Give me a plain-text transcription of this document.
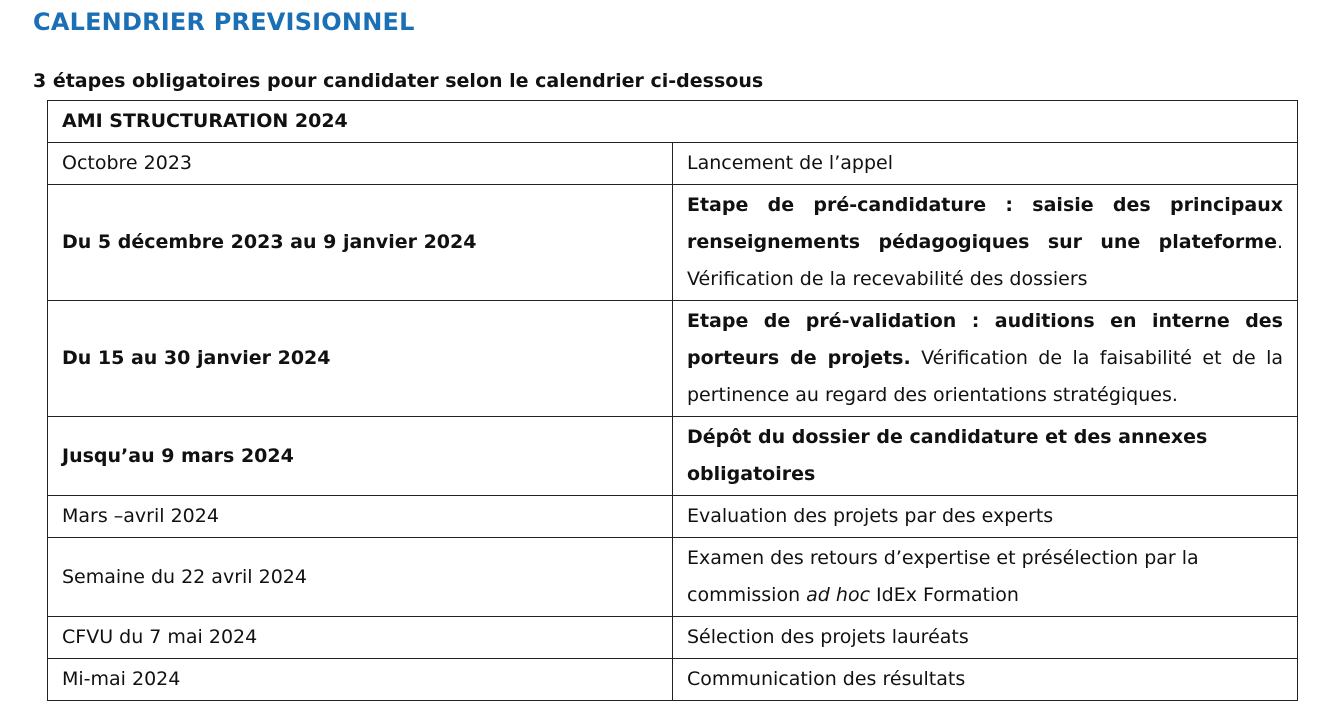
CALENDRIER PREVISIONNEL
3 étapes obligatoires pour candidater selon le calendrier ci-dessous
AMI STRUCTURATION 2024	
Octobre 2023	Lancement de l’appel
Du 5 décembre 2023 au 9 janvier 2024	Etape de pré-candidature : saisie des principaux renseignements pédagogiques sur une plateforme. Vérification de la recevabilité des dossiers
Du 15 au 30 janvier 2024	Etape de pré-validation : auditions en interne des porteurs de projets. Vérification de la faisabilité et de la pertinence au regard des orientations stratégiques.
Jusqu’au 9 mars 2024	Dépôt du dossier de candidature et des annexes obligatoires
Mars –avril 2024	Evaluation des projets par des experts
Semaine du 22 avril 2024	Examen des retours d’expertise et présélection par la commission ad hoc IdEx Formation
CFVU du 7 mai 2024	Sélection des projets lauréats
Mi-mai 2024	Communication des résultats
